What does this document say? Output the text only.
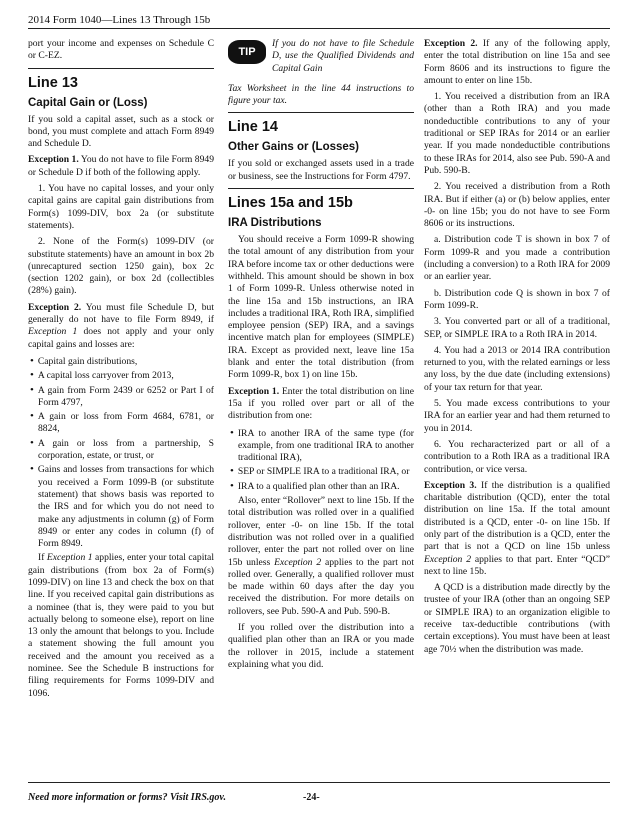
2014 Form 1040—Lines 13 Through 15b

port your income and expenses on Schedule C or C-EZ.

Line 13
Capital Gain or (Loss)

If you sold a capital asset, such as a stock or bond, you must complete and attach Form 8949 and Schedule D.

Exception 1. You do not have to file Form 8949 or Schedule D if both of the following apply.

1. You have no capital losses, and your only capital gains are capital gain distributions from Form(s) 1099-DIV, box 2a (or substitute statements).

2. None of the Form(s) 1099-DIV (or substitute statements) have an amount in box 2b (unrecaptured section 1250 gain), box 2c (section 1202 gain), or box 2d (collectibles (28%) gain).

Exception 2. You must file Schedule D, but generally do not have to file Form 8949, if Exception 1 does not apply and your only capital gains and losses are:

• Capital gain distributions,
• A capital loss carryover from 2013,
• A gain from Form 2439 or 6252 or Part I of Form 4797,
• A gain or loss from Form 4684, 6781, or 8824,
• A gain or loss from a partnership, S corporation, estate, or trust, or
• Gains and losses from transactions for which you received a Form 1099-B (or substitute statement) that shows basis was reported to the IRS and for which you do not need to make any adjustments in column (g) of Form 8949 or enter any codes in column (f) of Form 8949.

If Exception 1 applies, enter your total capital gain distributions (from box 2a of Form(s) 1099-DIV) on line 13 and check the box on that line. If you received capital gain distributions as a nominee (that is, they were paid to you but actually belong to someone else), report on line 13 only the amount that belongs to you. Include a statement showing the full amount you received and the amount you received as a nominee. See the Schedule B instructions for filing requirements for Forms 1099-DIV and 1096.

TIP
If you do not have to file Schedule D, use the Qualified Dividends and Capital Gain

Tax Worksheet in the line 44 instructions to figure your tax.

Line 14
Other Gains or (Losses)

If you sold or exchanged assets used in a trade or business, see the Instructions for Form 4797.

Lines 15a and 15b
IRA Distributions

You should receive a Form 1099-R showing the total amount of any distribution from your IRA before income tax or other deductions were withheld. This amount should be shown in box 1 of Form 1099-R. Unless otherwise noted in the line 15a and 15b instructions, an IRA includes a traditional IRA, Roth IRA, simplified employee pension (SEP) IRA, and a savings incentive match plan for employees (SIMPLE) IRA. Except as provided next, leave line 15a blank and enter the total distribution (from Form 1099-R, box 1) on line 15b.

Exception 1. Enter the total distribution on line 15a if you rolled over part or all of the distribution from one:

• IRA to another IRA of the same type (for example, from one traditional IRA to another traditional IRA),
• SEP or SIMPLE IRA to a traditional IRA, or
• IRA to a qualified plan other than an IRA.

Also, enter “Rollover” next to line 15b. If the total distribution was rolled over in a qualified rollover, enter -0- on line 15b. If the total distribution was not rolled over in a qualified rollover, enter the part not rolled over on line 15b unless Exception 2 applies to the part not rolled over. Generally, a qualified rollover must be made within 60 days after the day you received the distribution. For more details on rollovers, see Pub. 590-A and Pub. 590-B.

If you rolled over the distribution into a qualified plan other than an IRA or you made the rollover in 2015, include a statement explaining what you did.

Exception 2. If any of the following apply, enter the total distribution on line 15a and see Form 8606 and its instructions to figure the amount to enter on line 15b.

1. You received a distribution from an IRA (other than a Roth IRA) and you made nondeductible contributions to any of your traditional or SEP IRAs for 2014 or an earlier year. If you made nondeductible contributions to these IRAs for 2014, also see Pub. 590-A and Pub. 590-B.

2. You received a distribution from a Roth IRA. But if either (a) or (b) below applies, enter -0- on line 15b; you do not have to see Form 8606 or its instructions.

a. Distribution code T is shown in box 7 of Form 1099-R and you made a contribution (including a conversion) to a Roth IRA for 2009 or an earlier year.

b. Distribution code Q is shown in box 7 of Form 1099-R.

3. You converted part or all of a traditional, SEP, or SIMPLE IRA to a Roth IRA in 2014.

4. You had a 2013 or 2014 IRA contribution returned to you, with the related earnings or less any loss, by the due date (including extensions) of your tax return for that year.

5. You made excess contributions to your IRA for an earlier year and had them returned to you in 2014.

6. You recharacterized part or all of a contribution to a Roth IRA as a traditional IRA contribution, or vice versa.

Exception 3. If the distribution is a qualified charitable distribution (QCD), enter the total distribution on line 15a. If the total amount distributed is a QCD, enter -0- on line 15b. If only part of the distribution is a QCD, enter the part that is not a QCD on line 15b unless Exception 2 applies to that part. Enter “QCD” next to line 15b.

A QCD is a distribution made directly by the trustee of your IRA (other than an ongoing SEP or SIMPLE IRA) to an organization eligible to receive tax-deductible contributions (with certain exceptions). You must have been at least age 70½ when the distribution was made.

Need more information or forms? Visit IRS.gov.	-24-
